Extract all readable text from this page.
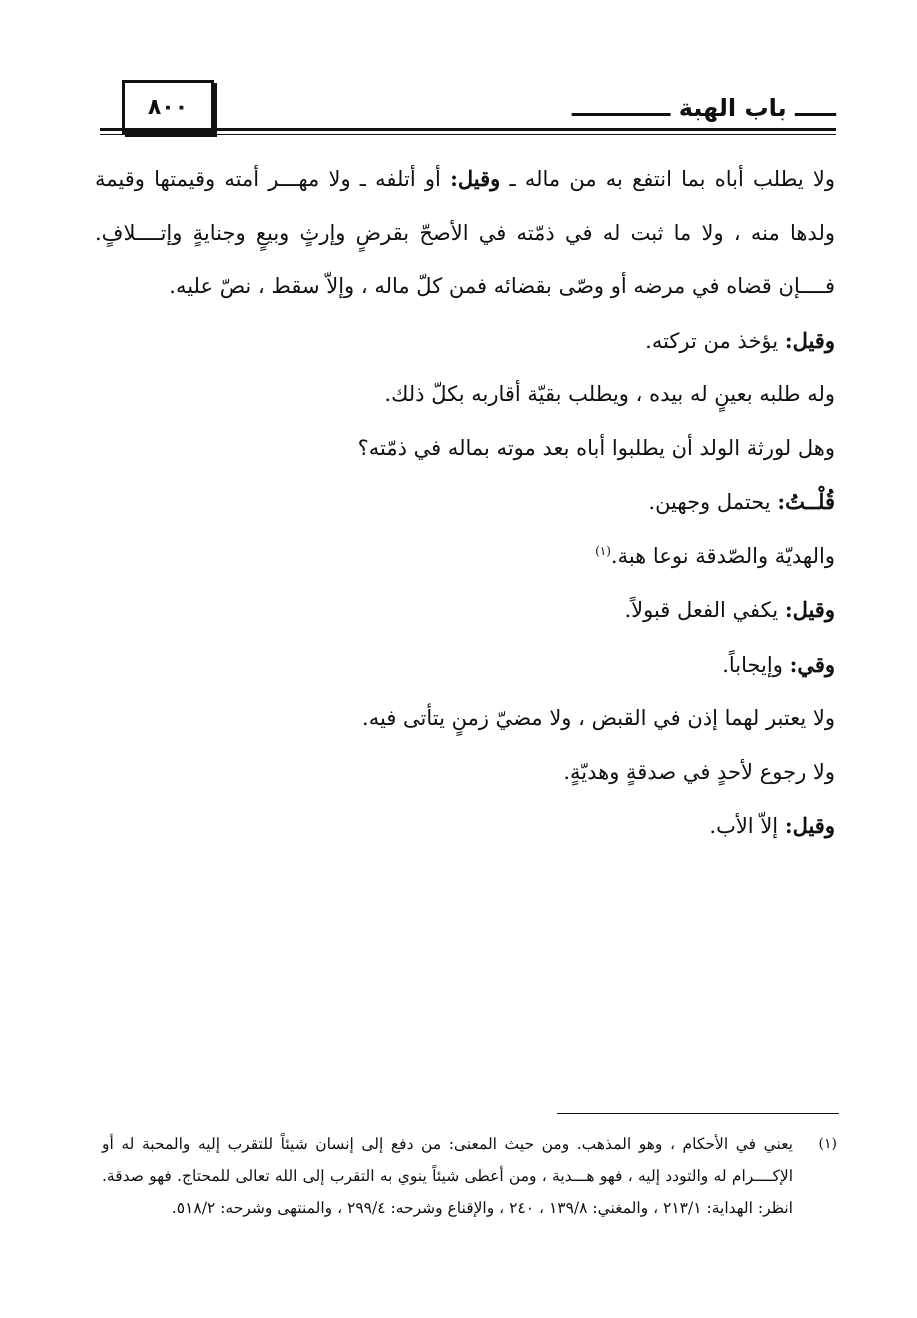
٨٠٠	ـــــ باب الهبة ــــــــــــ

ولا يطلب أباه بما انتفع به من ماله ـ وقيل: أو أتلفه ـ ولا مهـــر أمته وقيمتها وقيمة ولدها منه ، ولا ما ثبت له في ذمّته في الأصحّ بقرضٍ وإرثٍ وبيعٍ وجنايةٍ وإتــــلافٍ. فــــإن قضاه في مرضه أو وصّى بقضائه فمن كلّ ماله ، وإلاّ سقط ، نصّ عليه.

وقيل: يؤخذ من تركته.

وله طلبه بعينٍ له بيده ، ويطلب بقيّة أقاربه بكلّ ذلك.

وهل لورثة الولد أن يطلبوا أباه بعد موته بماله في ذمّته؟

قُلْــتُ: يحتمل وجهين.

والهديّة والصّدقة نوعا هبة.$^{(١)}$

وقيل: يكفي الفعل قبولاً.

وقي: وإيجاباً.

ولا يعتبر لهما إذن في القبض ، ولا مضيّ زمنٍ يتأتى فيه.

ولا رجوع لأحدٍ في صدقةٍ وهديّةٍ.

وقيل: إلاّ الأب.

(١)
يعني في الأحكام ، وهو المذهب. ومن حيث المعنى: من دفع إلى إنسان شيئاً للتقرب إليه والمحبة له أو الإكــــرام له والتودد إليه ، فهو هـــدية ، ومن أعطى شيئاً ينوي به التقرب إلى الله تعالى للمحتاج. فهو صدقة. انظر: الهداية: ٢١٣/١ ، والمغني: ١٣٩/٨ ، ٢٤٠ ، والإقناع وشرحه: ٢٩٩/٤ ، والمنتهى وشرحه: ٥١٨/٢.
